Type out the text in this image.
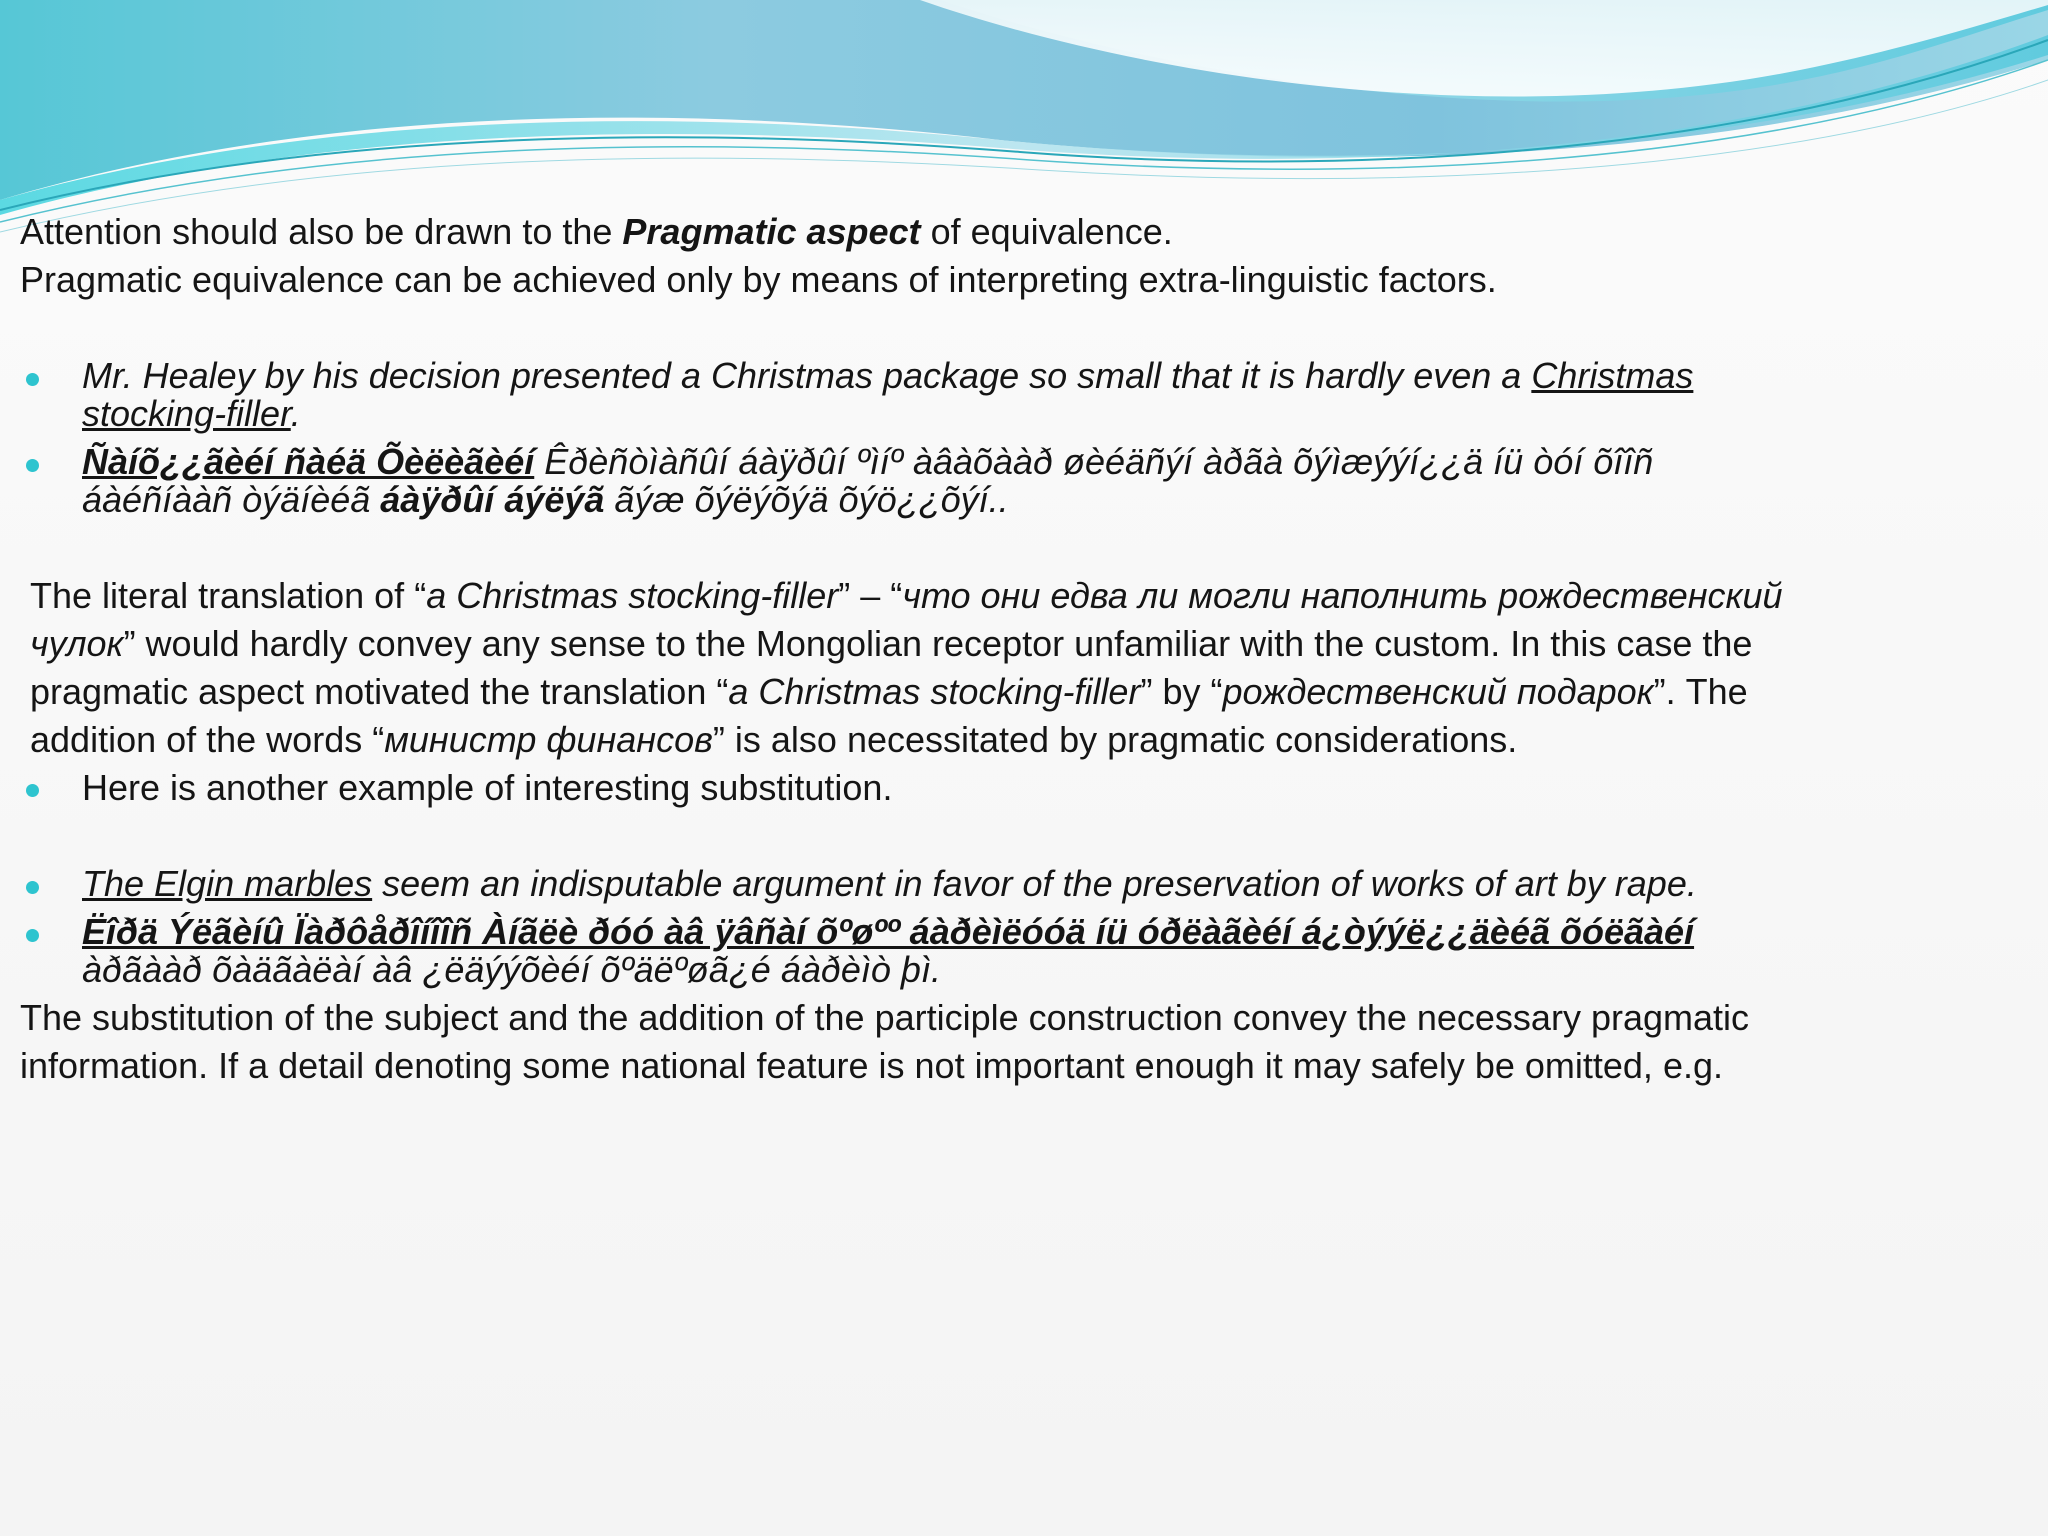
Attention should also be drawn to the Pragmatic aspect of equivalence.

Pragmatic equivalence can be achieved only by means of interpreting extra-linguistic factors.

Mr. Healey by his decision presented a Christmas package so small that it is hardly even a Christmas stocking-filler.

Ñàíõ¿¿ãèéí ñàéä Õèëèãèéí Êðèñòìàñûí áàÿðûí ºìíº àâàõààð øèéäñýí àðãà õýìæýýí¿¿ä íü òóí õîîñ áàéñíààñ òýäíèéã áàÿðûí áýëýã ãýæ õýëýõýä õýö¿¿õýí..

The literal translation of “a Christmas stocking-filler” – “что они едва ли могли наполнить рождественский чулок” would hardly convey any sense to the Mongolian receptor unfamiliar with the custom. In this case the pragmatic aspect motivated the translation “a Christmas stocking-filler” by “рождественский подарок”. The addition of the words “министр финансов” is also necessitated by pragmatic considerations.

Here is another example of interesting substitution.

The Elgin marbles seem an indisputable argument in favor of the preservation of works of art by rape.

Ëîðä Ýëãèíû Ïàðôåðîíîîñ Àíãëè ðóó àâ ÿâñàí õºøºº áàðèìëóóä íü óðëàãèéí á¿òýýë¿¿äèéã õóëãàéí àðãààð õàäãàëàí àâ ¿ëäýýõèéí õºäëºøã¿é áàðèìò þì.

The substitution of the subject and the addition of the participle construction convey the necessary pragmatic information. If a detail denoting some national feature is not important enough it may safely be omitted, e.g.
